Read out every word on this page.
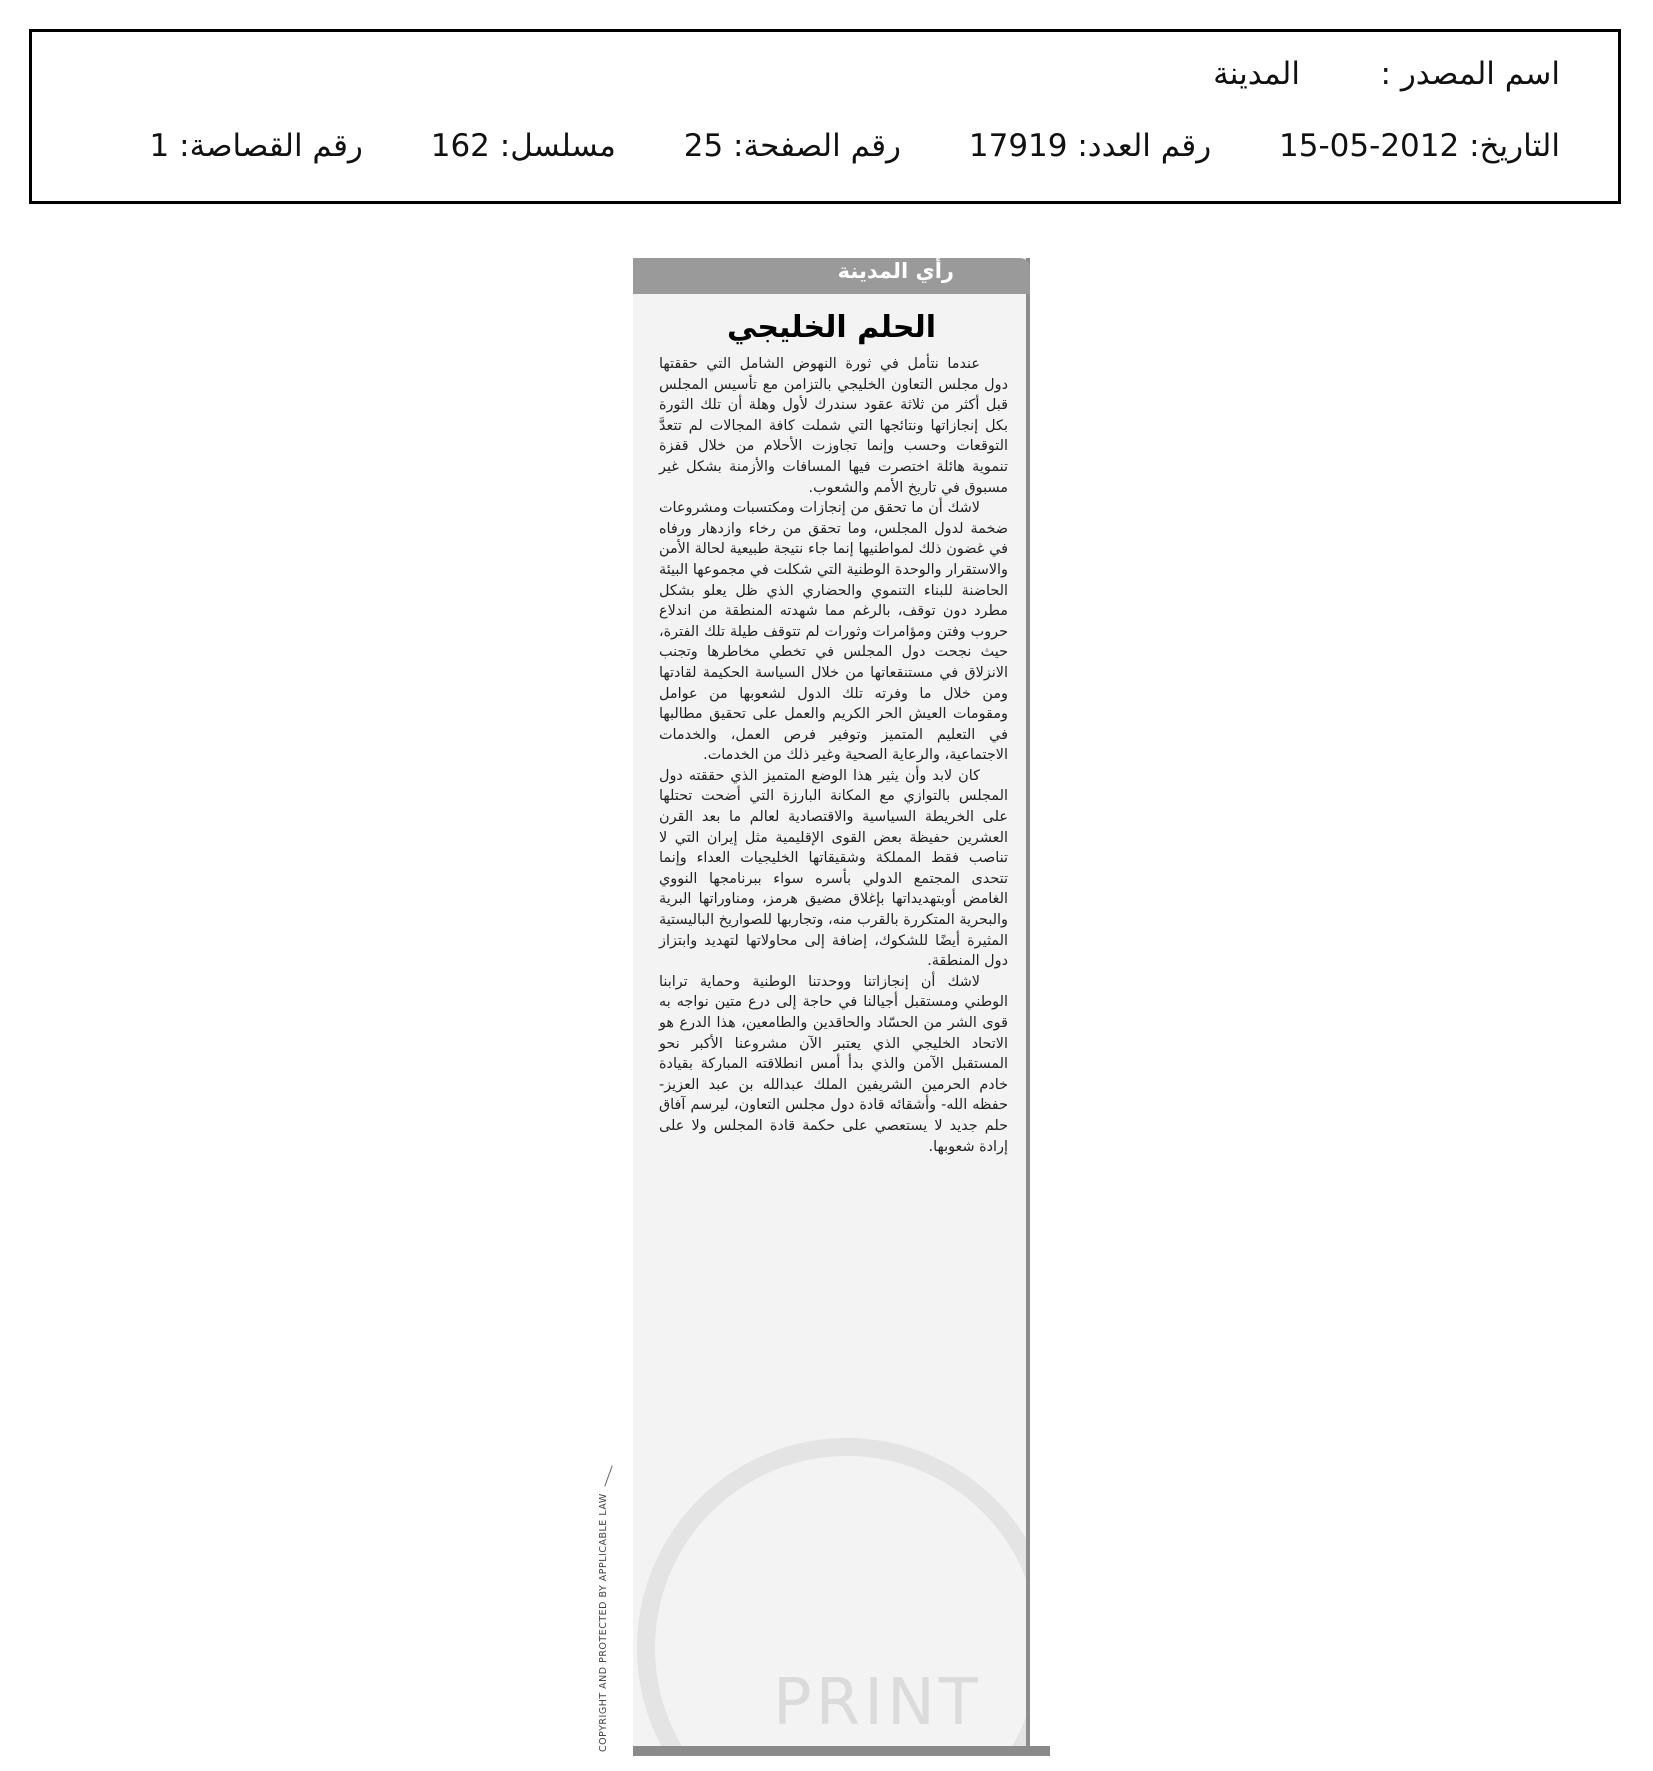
اسم المصدر :المدينة
التاريخ: 2012-05-15 رقم العدد: 17919 رقم الصفحة: 25 مسلسل: 162 رقم القصاصة: 1
PRINT
رأي المدينة
الحلم الخليجي

عندما نتأمل في ثورة النهوض الشامل التي حققتها دول مجلس التعاون الخليجي بالتزامن مع تأسيس المجلس قبل أكثر من ثلاثة عقود سندرك لأول وهلة أن تلك الثورة بكل إنجازاتها ونتائجها التي شملت كافة المجالات لم تتعدَّ التوقعات وحسب وإنما تجاوزت الأحلام من خلال قفزة تنموية هائلة اختصرت فيها المسافات والأزمنة بشكل غير مسبوق في تاريخ الأمم والشعوب.

لاشك أن ما تحقق من إنجازات ومكتسبات ومشروعات ضخمة لدول المجلس، وما تحقق من رخاء وازدهار ورفاه في غضون ذلك لمواطنيها إنما جاء نتيجة طبيعية لحالة الأمن والاستقرار والوحدة الوطنية التي شكلت في مجموعها البيئة الحاضنة للبناء التنموي والحضاري الذي ظل يعلو بشكل مطرد دون توقف، بالرغم مما شهدته المنطقة من اندلاع حروب وفتن ومؤامرات وثورات لم تتوقف طيلة تلك الفترة، حيث نجحت دول المجلس في تخطي مخاطرها وتجنب الانزلاق في مستنقعاتها من خلال السياسة الحكيمة لقادتها ومن خلال ما وفرته تلك الدول لشعوبها من عوامل ومقومات العيش الحر الكريم والعمل على تحقيق مطالبها في التعليم المتميز وتوفير فرص العمل، والخدمات الاجتماعية، والرعاية الصحية وغير ذلك من الخدمات.

كان لابد وأن يثير هذا الوضع المتميز الذي حققته دول المجلس بالتوازي مع المكانة البارزة التي أضحت تحتلها على الخريطة السياسية والاقتصادية لعالم ما بعد القرن العشرين حفيظة بعض القوى الإقليمية مثل إيران التي لا تناصب فقط المملكة وشقيقاتها الخليجيات العداء وإنما تتحدى المجتمع الدولي بأسره سواء ببرنامجها النووي الغامض أوبتهديداتها بإغلاق مضيق هرمز، ومناوراتها البرية والبحرية المتكررة بالقرب منه، وتجاربها للصواريخ الباليستية المثيرة أيضًا للشكوك، إضافة إلى محاولاتها لتهديد وابتزاز دول المنطقة.

لاشك أن إنجازاتنا ووحدتنا الوطنية وحماية ترابنا الوطني ومستقبل أجيالنا في حاجة إلى درع متين نواجه به قوى الشر من الحسّاد والحاقدين والطامعين، هذا الدرع هو الاتحاد الخليجي الذي يعتبر الآن مشروعنا الأكبر نحو المستقبل الآمن والذي بدأ أمس انطلاقته المباركة بقيادة خادم الحرمين الشريفين الملك عبدالله بن عبد العزيز- حفظه الله- وأشقائه قادة دول مجلس التعاون، ليرسم آفاق حلم جديد لا يستعصي على حكمة قادة المجلس ولا على إرادة شعوبها.

COPYRIGHT AND PROTECTED BY APPLICABLE LAW
